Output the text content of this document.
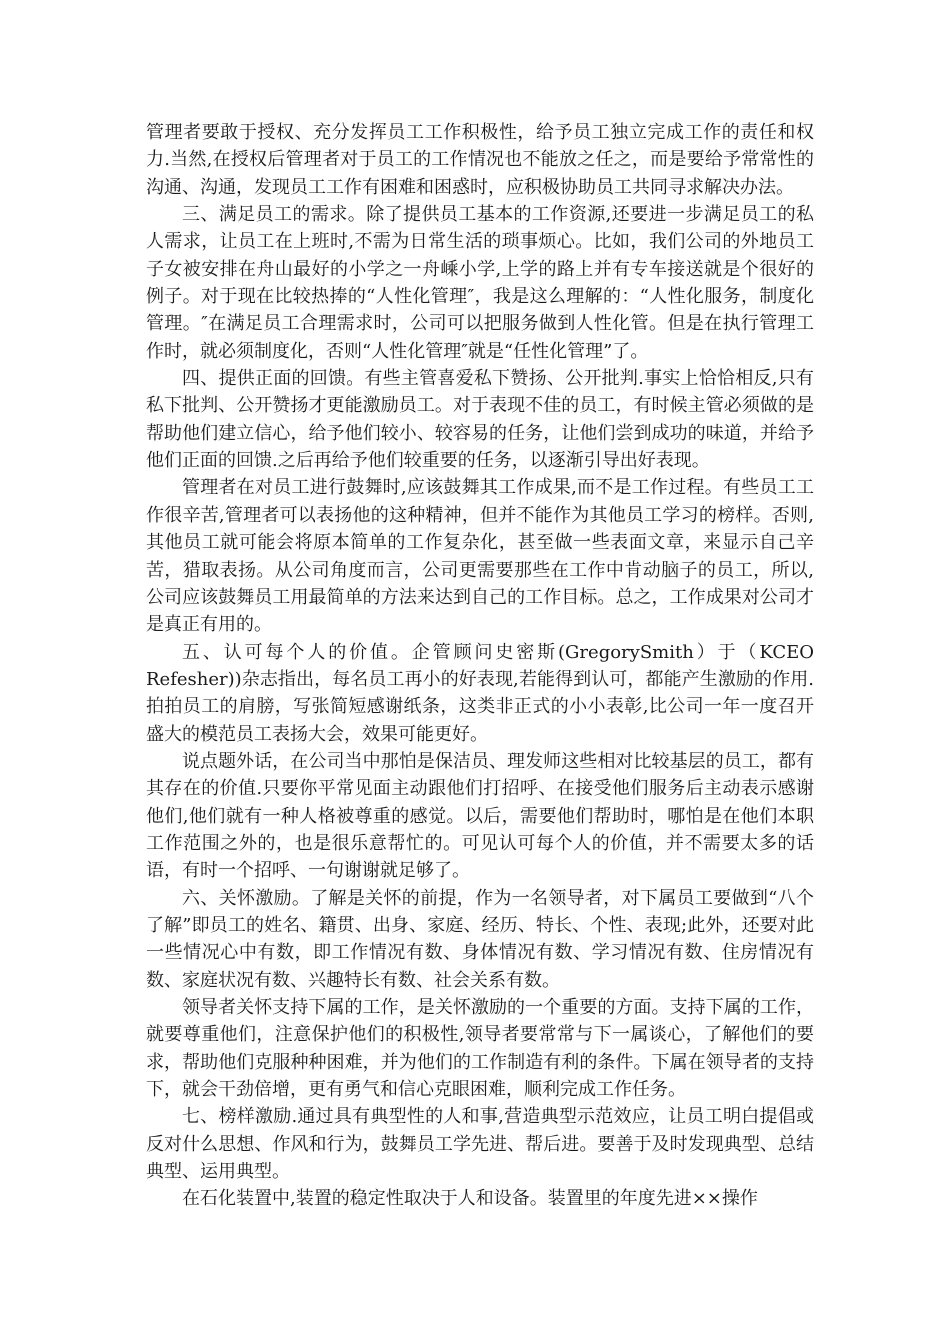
管理者要敢于授权、充分发挥员工工作积极性，给予员工独立完成工作的责任和权力.当然,在授权后管理者对于员工的工作情况也不能放之任之，而是要给予常常性的沟通、沟通，发现员工工作有困难和困惑时，应积极协助员工共同寻求解决办法。

三、满足员工的需求。除了提供员工基本的工作资源,还要进一步满足员工的私人需求，让员工在上班时,不需为日常生活的琐事烦心。比如，我们公司的外地员工子女被安排在舟山最好的小学之一舟嵊小学,上学的路上并有专车接送就是个很好的例子。对于现在比较热捧的“人性化管理″，我是这么理解的：“人性化服务，制度化管理。″在满足员工合理需求时，公司可以把服务做到人性化管。但是在执行管理工作时，就必须制度化，否则“人性化管理″就是“任性化管理”了。

四、提供正面的回馈。有些主管喜爱私下赞扬、公开批判.事实上恰恰相反,只有私下批判、公开赞扬才更能激励员工。对于表现不佳的员工，有时候主管必须做的是帮助他们建立信心，给予他们较小、较容易的任务，让他们尝到成功的味道，并给予他们正面的回馈.之后再给予他们较重要的任务，以逐渐引导出好表现。

管理者在对员工进行鼓舞时,应该鼓舞其工作成果,而不是工作过程。有些员工工作很辛苦,管理者可以表扬他的这种精神，但并不能作为其他员工学习的榜样。否则,其他员工就可能会将原本简单的工作复杂化，甚至做一些表面文章，来显示自己辛苦，猎取表扬。从公司角度而言，公司更需要那些在工作中肯动脑子的员工，所以,公司应该鼓舞员工用最简单的方法来达到自己的工作目标。总之，工作成果对公司才是真正有用的。

五、认可每个人的价值。企管顾问史密斯(GregorySmith）于（KCEO Refesher))杂志指出，每名员工再小的好表现,若能得到认可，都能产生激励的作用.拍拍员工的肩膀，写张简短感谢纸条，这类非正式的小小表彰,比公司一年一度召开盛大的模范员工表扬大会，效果可能更好。

说点题外话，在公司当中那怕是保洁员、理发师这些相对比较基层的员工，都有其存在的价值.只要你平常见面主动跟他们打招呼、在接受他们服务后主动表示感谢他们,他们就有一种人格被尊重的感觉。以后，需要他们帮助时，哪怕是在他们本职工作范围之外的，也是很乐意帮忙的。可见认可每个人的价值，并不需要太多的话语，有时一个招呼、一句谢谢就足够了。

六、关怀激励。了解是关怀的前提，作为一名领导者，对下属员工要做到“八个了解”即员工的姓名、籍贯、出身、家庭、经历、特长、个性、表现;此外，还要对此一些情况心中有数，即工作情况有数、身体情况有数、学习情况有数、住房情况有数、家庭状况有数、兴趣特长有数、社会关系有数。

领导者关怀支持下属的工作，是关怀激励的一个重要的方面。支持下属的工作，就要尊重他们，注意保护他们的积极性,领导者要常常与下一属谈心，了解他们的要求，帮助他们克服种种困难，并为他们的工作制造有利的条件。下属在领导者的支持下，就会干劲倍增，更有勇气和信心克眼困难，顺利完成工作任务。

七、榜样激励.通过具有典型性的人和事,营造典型示范效应，让员工明白提倡或反对什么思想、作风和行为，鼓舞员工学先进、帮后进。要善于及时发现典型、总结典型、运用典型。

在石化装置中,装置的稳定性取决于人和设备。装置里的年度先进××操作
